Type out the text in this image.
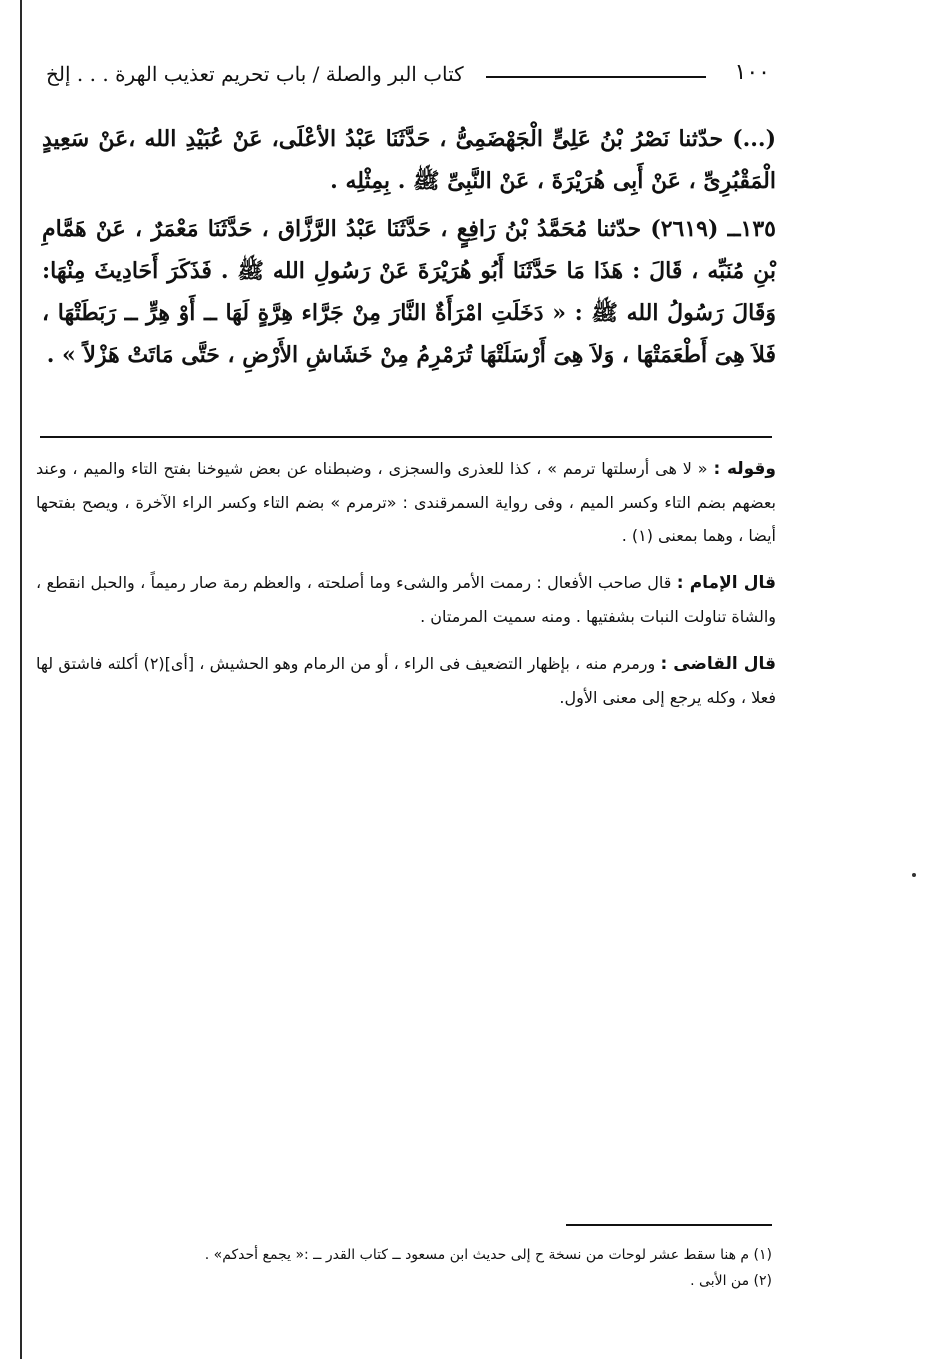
١٠٠
كتاب البر والصلة / باب تحريم تعذيب الهرة . . . إلخ

(...) حدّثنا نَصْرُ بْنُ عَلِىٍّ الْجَهْضَمِىُّ ، حَدَّثَنَا عَبْدُ الأعْلَى، عَنْ عُبَيْدِ الله ،عَنْ سَعِيدٍ الْمَقْبُرِىِّ ، عَنْ أَبِى هُرَيْرَةَ ، عَنْ النَّبِىِّ ﷺ . بِمِثْلِه .

١٣٥ــ (٢٦١٩) حدّثنا مُحَمَّدُ بْنُ رَافِعٍ ، حَدَّثَنَا عَبْدُ الرَّزَّاق ، حَدَّثَنَا مَعْمَرٌ ، عَنْ هَمَّامِ بْنِ مُنَبِّه ، قَالَ : هَذَا مَا حَدَّثَنَا أَبُو هُرَيْرَةَ عَنْ رَسُولِ الله ﷺ . فَذَكَرَ أَحَادِيثَ مِنْهَا: وَقَالَ رَسُولُ الله ﷺ : « دَخَلَتِ امْرَأَةٌ النَّارَ مِنْ جَرَّاء هِرَّةٍ لَهَا ــ أَوْ هِرٍّ ــ رَبَطَتْهَا ، فَلاَ هِىَ أَطْعَمَتْهَا ، وَلاَ هِىَ أَرْسَلَتْهَا تُرَمْرِمُ مِنْ خَشَاشِ الأَرْضِ ، حَتَّى مَاتَتْ هَزْلاً » .

وقوله : « لا هى أرسلتها ترمم » ، كذا للعذرى والسجزى ، وضبطناه عن بعض شيوخنا بفتح التاء والميم ، وعند بعضهم بضم التاء وكسر الميم ، وفى رواية السمرقندى : «ترمرم » بضم التاء وكسر الراء الآخرة ، ويصح بفتحها أيضا ، وهما بمعنى (١) .

قال الإمام : قال صاحب الأفعال : رممت الأمر والشىء وما أصلحته ، والعظم رمة صار رميماً ، والحبل انقطع ، والشاة تناولت النبات بشفتيها . ومنه سميت المرمتان .

قال القاضى : ورمرم منه ، بإظهار التضعيف فى الراء ، أو من الرمام وهو الحشيش ، [أى](٢) أكلته فاشتق لها فعلا ، وكله يرجع إلى معنى الأول.

(١) م هنا سقط عشر لوحات من نسخة ح إلى حديث ابن مسعود ــ كتاب القدر ــ :« يجمع أحدكم» .
(٢) من الأبى .
